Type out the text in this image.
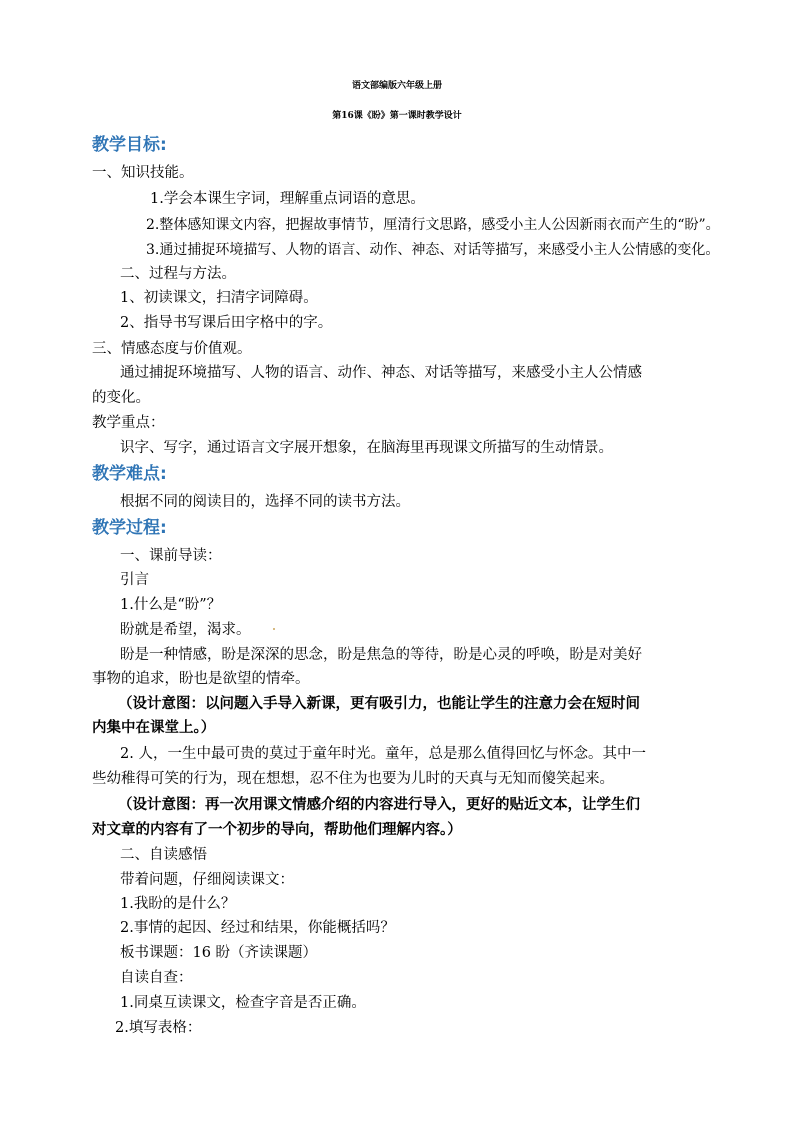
语文部编版六年级上册
第16课《盼》第一课时教学设计
教学目标:
一、知识技能。
1.学会本课生字词，理解重点词语的意思。
2.整体感知课文内容，把握故事情节，厘清行文思路，感受小主人公因新雨衣而产生的“盼”。
3.通过捕捉环境描写、人物的语言、动作、神态、对话等描写，来感受小主人公情感的变化。
二、过程与方法。
1、初读课文，扫清字词障碍。
2、指导书写课后田字格中的字。
三、情感态度与价值观。
通过捕捉环境描写、人物的语言、动作、神态、对话等描写，来感受小主人公情感
的变化。
教学重点：
识字、写字，通过语言文字展开想象，在脑海里再现课文所描写的生动情景。
教学难点:
根据不同的阅读目的，选择不同的读书方法。
教学过程:
一、课前导读：
引言
1.什么是“盼”？
盼就是希望，渴求。
盼是一种情感，盼是深深的思念，盼是焦急的等待，盼是心灵的呼唤，盼是对美好
事物的追求，盼也是欲望的情牵。
（设计意图：以问题入手导入新课，更有吸引力，也能让学生的注意力会在短时间
内集中在课堂上。）
2. 人，一生中最可贵的莫过于童年时光。童年，总是那么值得回忆与怀念。其中一
些幼稚得可笑的行为，现在想想，忍不住为也要为儿时的天真与无知而傻笑起来。
（设计意图：再一次用课文情感介绍的内容进行导入，更好的贴近文本，让学生们
对文章的内容有了一个初步的导向，帮助他们理解内容。）
二、自读感悟
带着问题，仔细阅读课文：
1.我盼的是什么？
2.事情的起因、经过和结果，你能概括吗？
板书课题：16 盼（齐读课题）
自读自查：
1.同桌互读课文，检查字音是否正确。
2.填写表格：
